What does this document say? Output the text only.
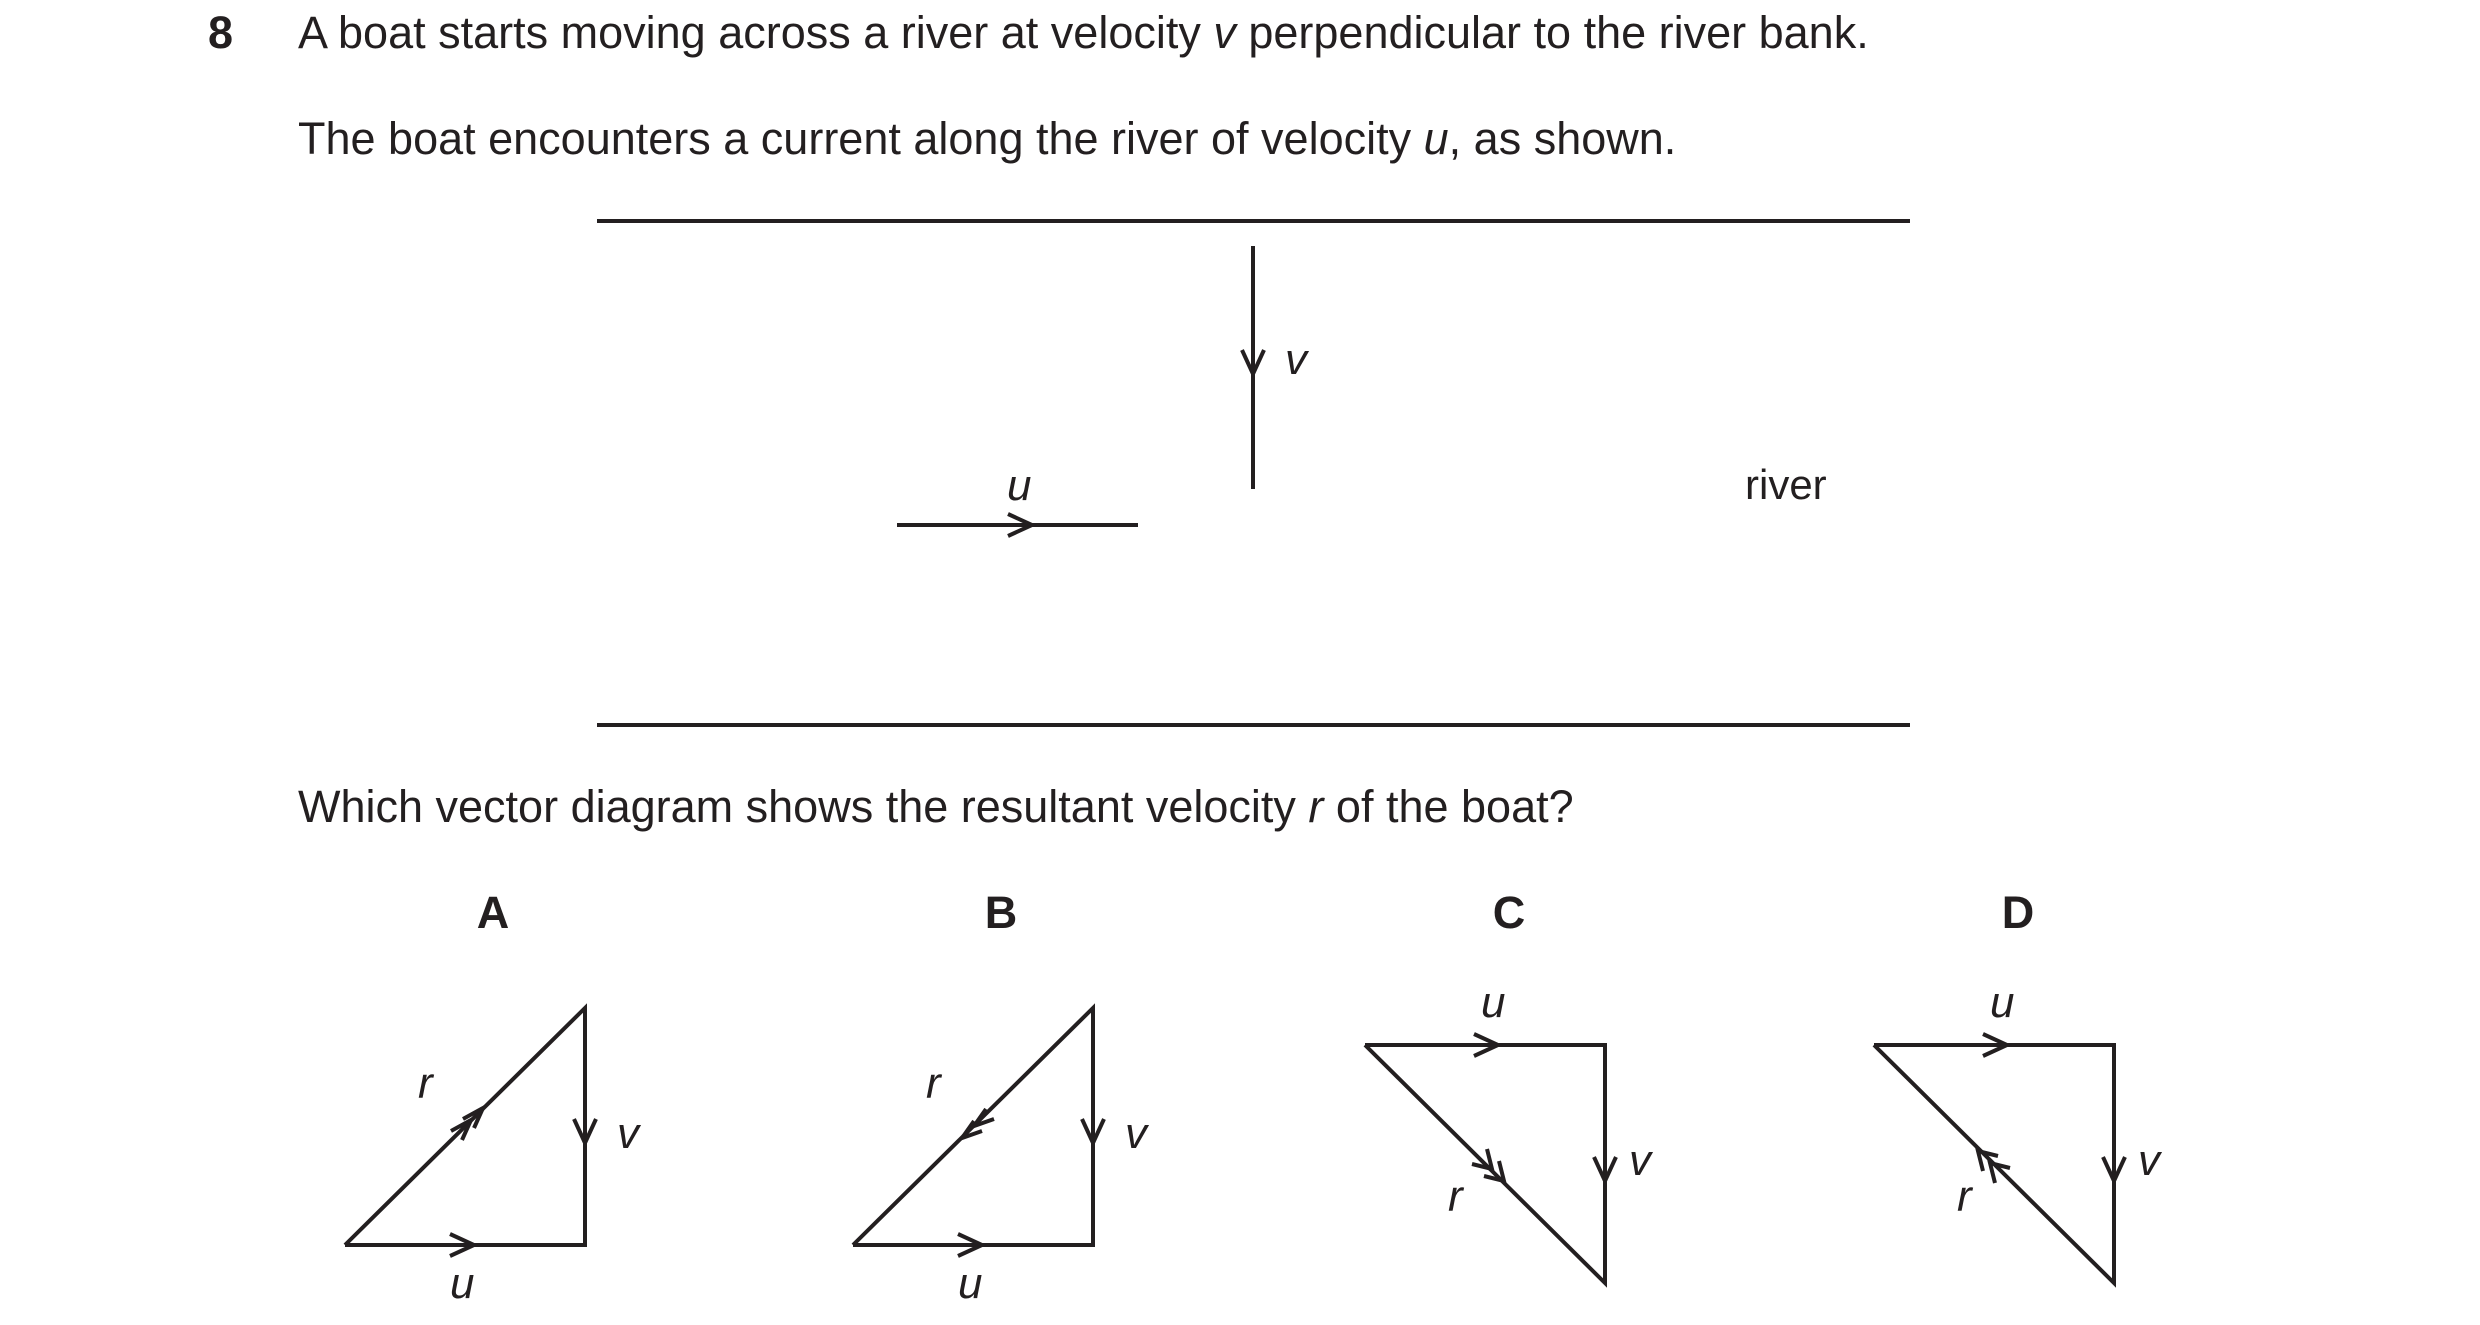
8 A boat starts moving across a river at velocity v perpendicular to the river bank.
The boat encounters a current along the river of velocity u, as shown.
Which vector diagram shows the resultant velocity r of the boat?
v
u	river
A
r
v
u
B
r
v
u
C
u
r
v
D
u
r
v
